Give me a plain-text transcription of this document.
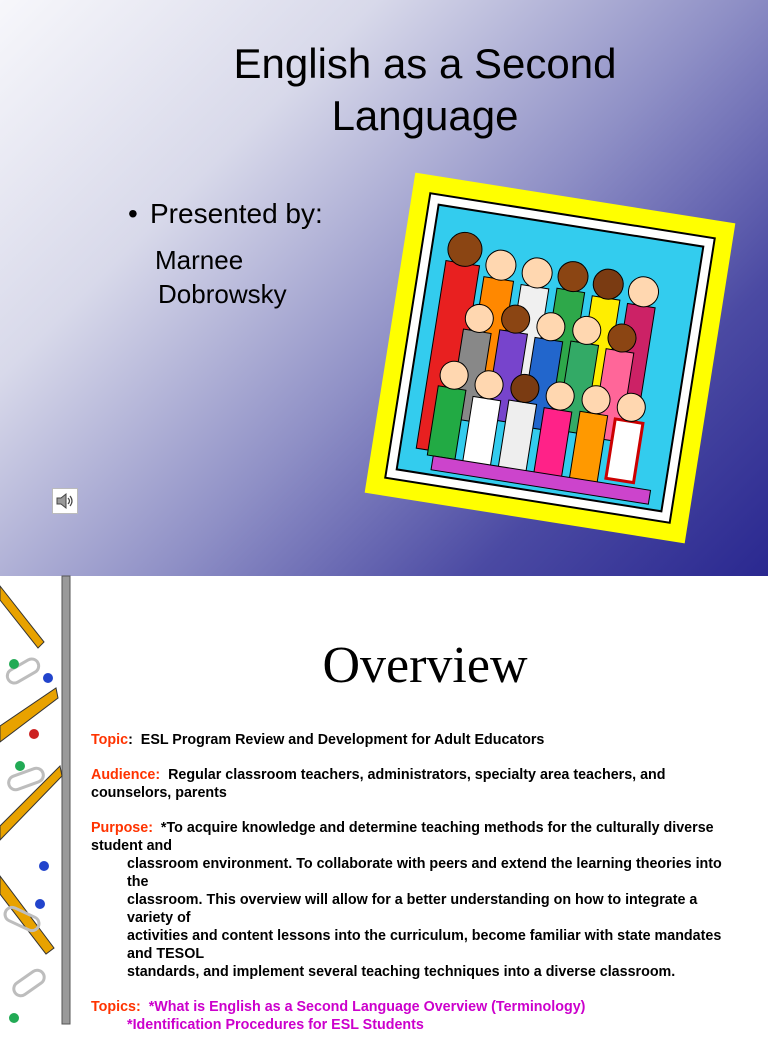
English as a Second
Language
• Presented by:
Marnee
Dobrowsky
Overview

Topic: ESL Program Review and Development for Adult Educators

Audience: Regular classroom teachers, administrators, specialty area teachers, and counselors, parents

Purpose: *To acquire knowledge and determine teaching methods for the culturally diverse student and
classroom environment. To collaborate with peers and extend the learning theories into the
classroom. This overview will allow for a better understanding on how to integrate a variety of
activities and content lessons into the curriculum, become familiar with state mandates and TESOL
standards, and implement several teaching techniques into a diverse classroom.

Topics: *What is English as a Second Language Overview (Terminology)
*Identification Procedures for ESL Students
